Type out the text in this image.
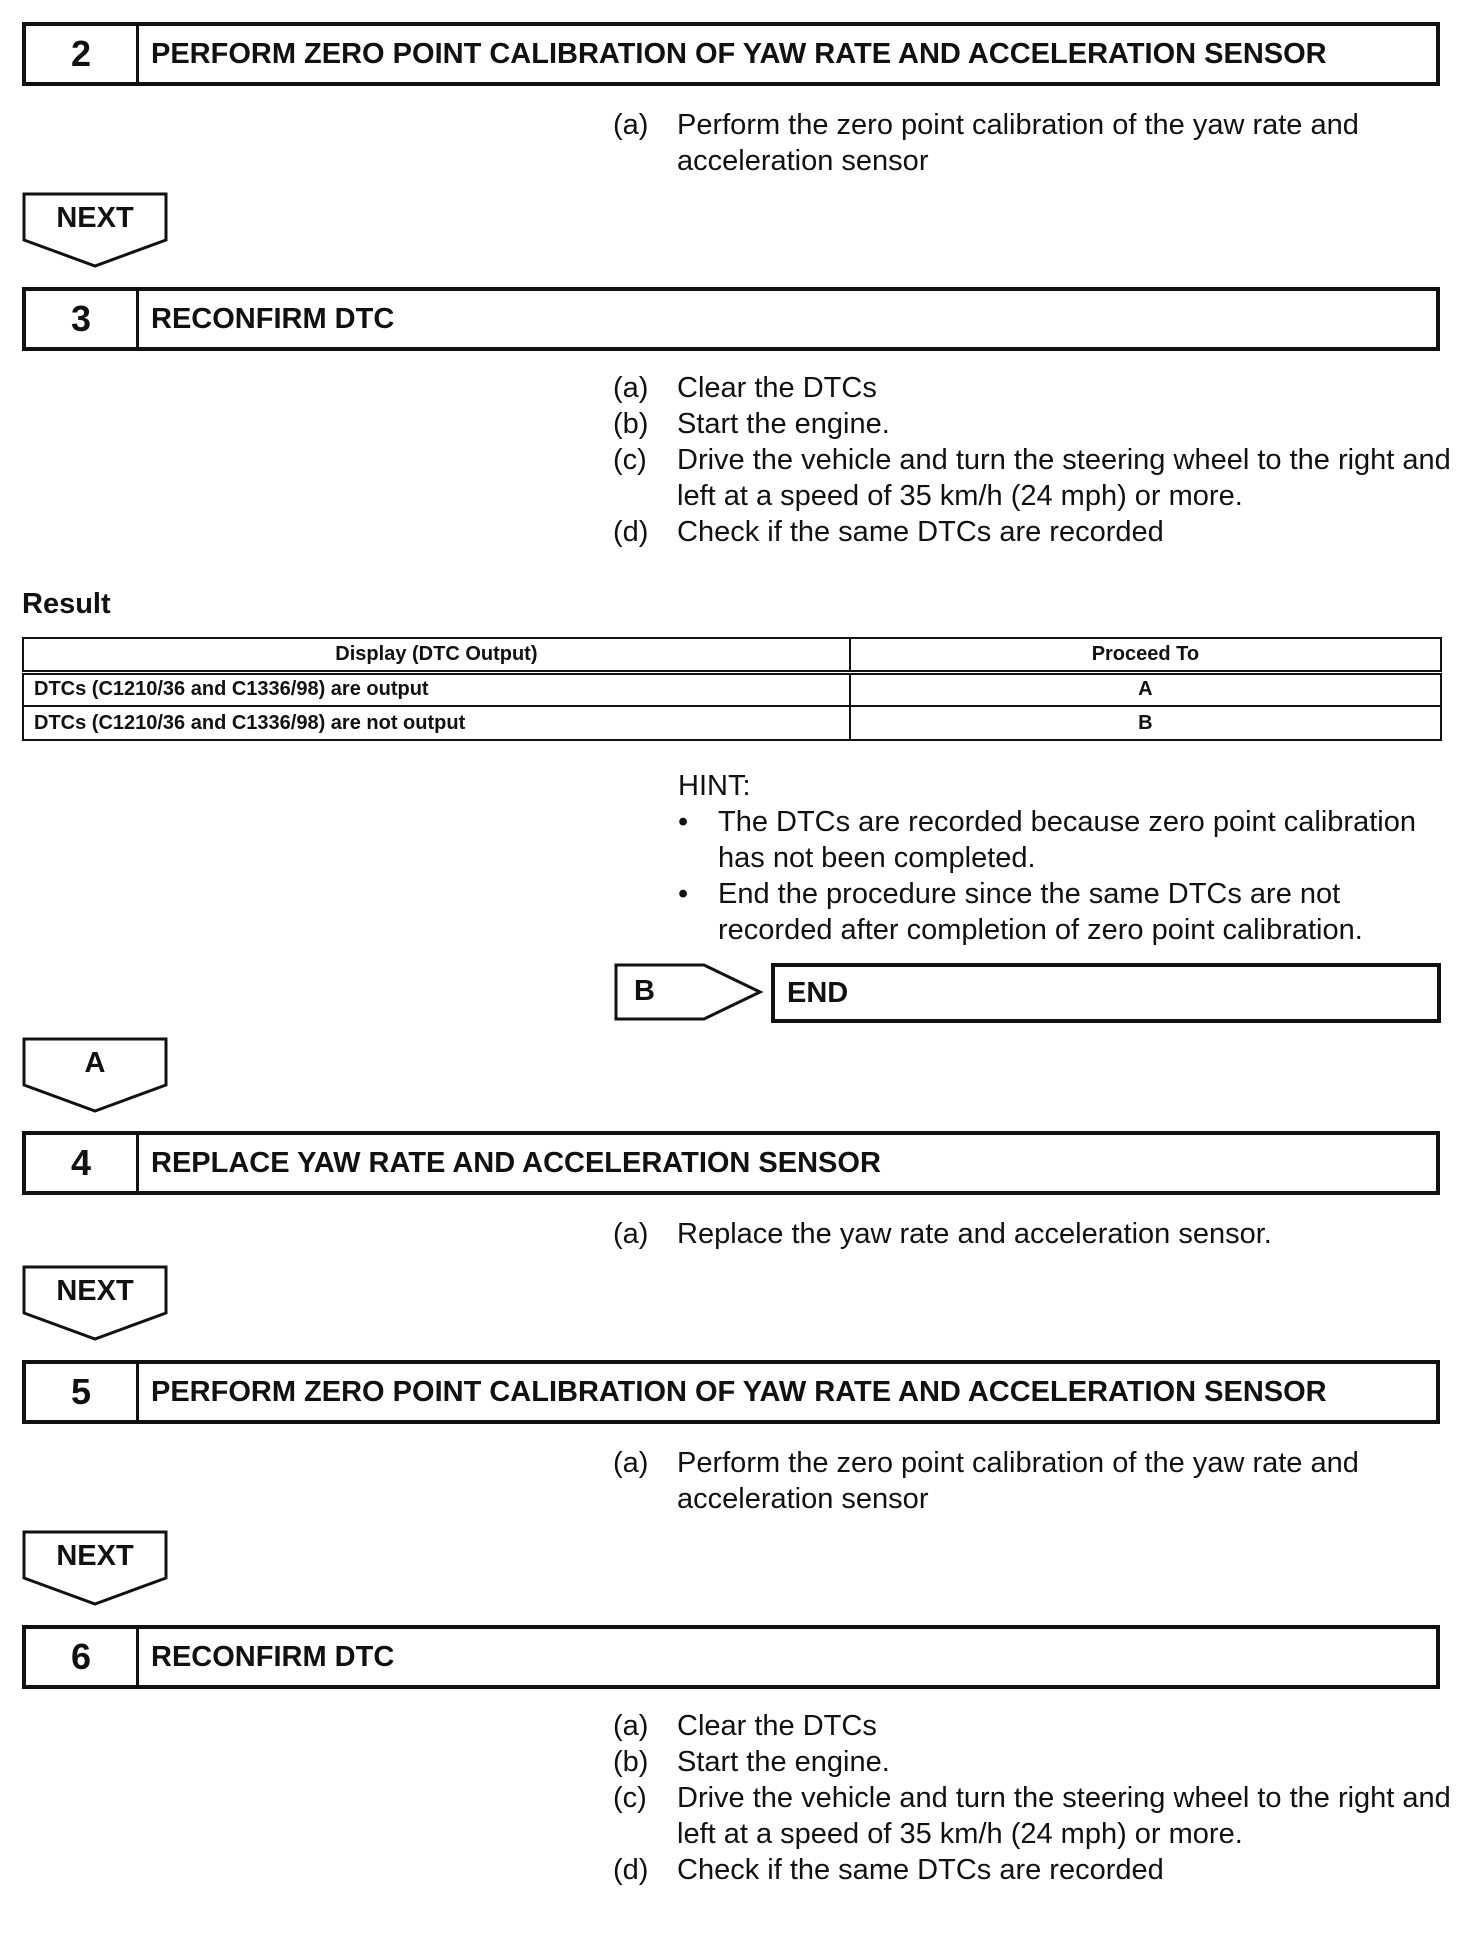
2	PERFORM ZERO POINT CALIBRATION OF YAW RATE AND ACCELERATION SENSOR
(a) Perform the zero point calibration of the yaw rate and acceleration sensor
NEXT
3	RECONFIRM DTC
(a) Clear the DTCs
(b) Start the engine.
(c)	Drive the vehicle and turn the steering wheel to the right and left at a speed of 35 km/h (24 mph) or more.
(d) Check if the same DTCs are recorded
Result
Display (DTC Output)	Proceed To
DTCs (C1210/36 and C1336/98) are output	A
DTCs (C1210/36 and C1336/98) are not output	B
HINT:
•	The DTCs are recorded because zero point calibration has not been completed.
•	End the procedure since the same DTCs are not recorded after completion of zero point calibration.
B	END
A
4	REPLACE YAW RATE AND ACCELERATION SENSOR
(a) Replace the yaw rate and acceleration sensor.
NEXT
5	PERFORM ZERO POINT CALIBRATION OF YAW RATE AND ACCELERATION SENSOR
(a) Perform the zero point calibration of the yaw rate and acceleration sensor
NEXT
6	RECONFIRM DTC
(a) Clear the DTCs
(b) Start the engine.
(c)	Drive the vehicle and turn the steering wheel to the right and left at a speed of 35 km/h (24 mph) or more.
(d) Check if the same DTCs are recorded
